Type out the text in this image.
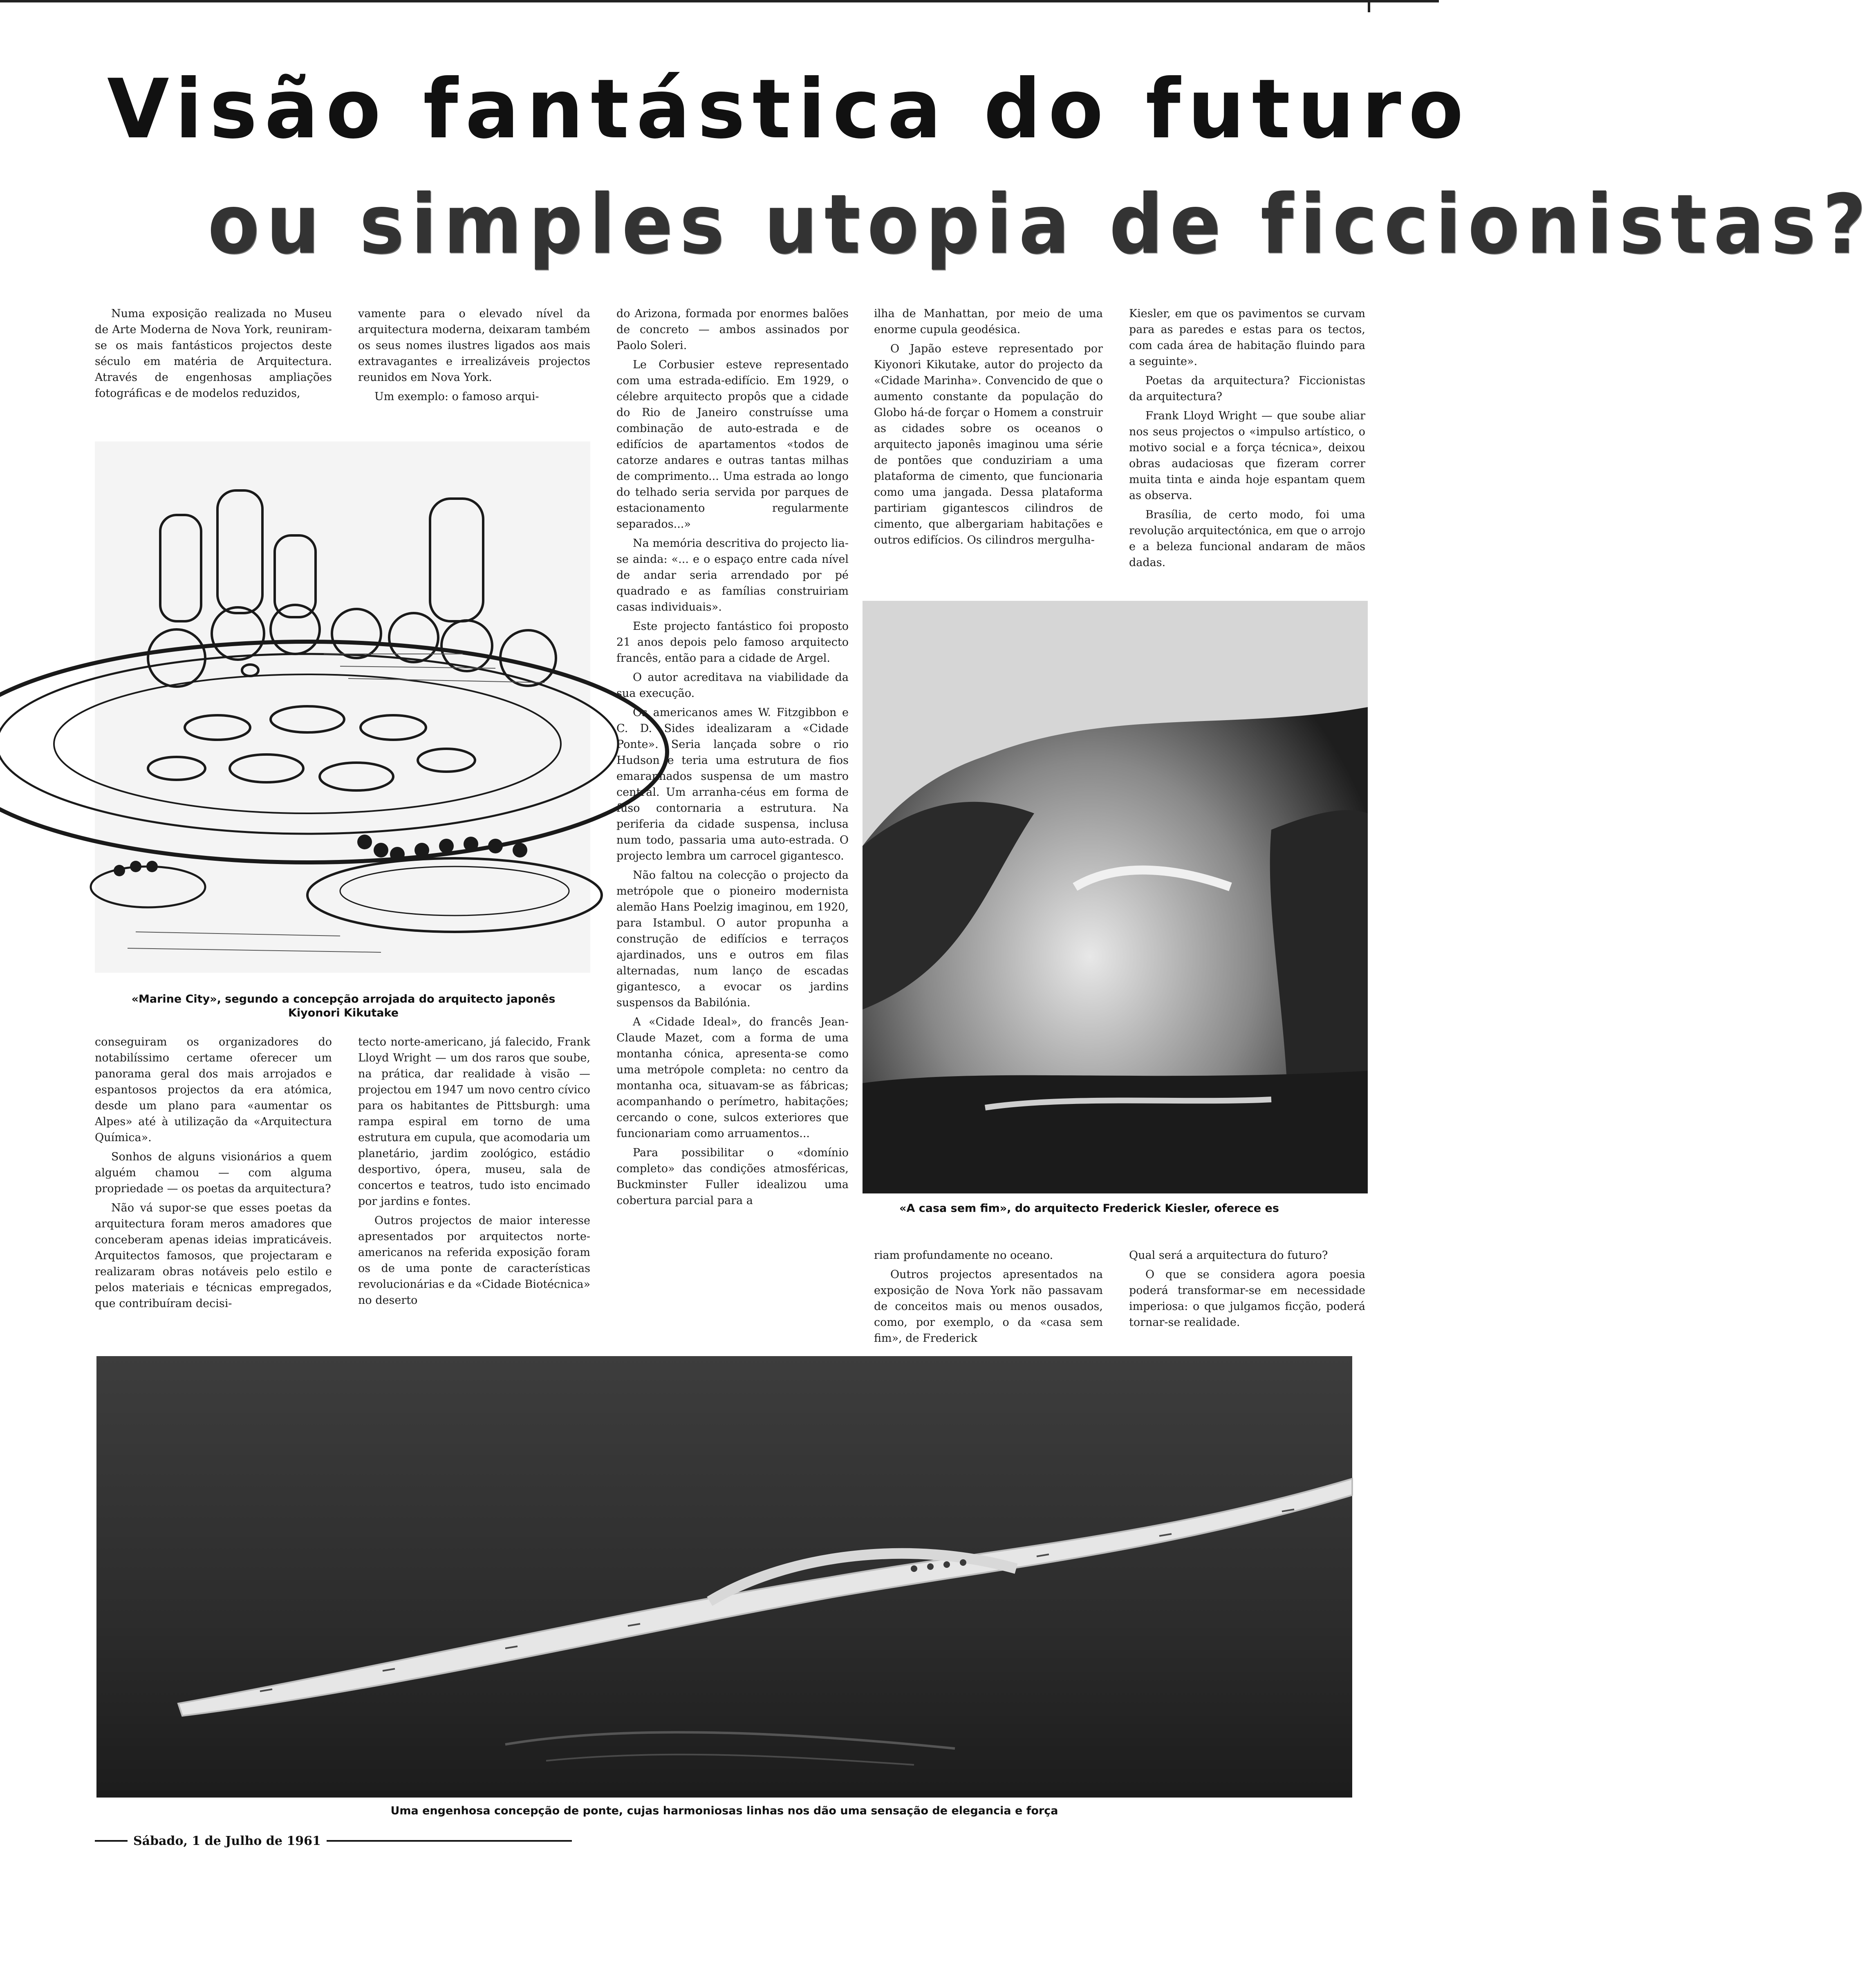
Visão fantástica do futuro
ou simples utopia de ficcionistas?

Numa exposição realizada no Museu de Arte Moderna de Nova York, reuniram-se os mais fantásticos projectos deste século em matéria de Arquitectura. Através de engenhosas ampliações fotográficas e de modelos reduzidos,

vamente para o elevado nível da arquitectura moderna, deixaram também os seus nomes ilustres ligados aos mais extravagantes e irrealizáveis projectos reunidos em Nova York.

Um exemplo: o famoso arqui-

do Arizona, formada por enormes balões de concreto — ambos assinados por Paolo Soleri.

Le Corbusier esteve representado com uma estrada-edifício. Em 1929, o célebre arquitecto propôs que a cidade do Rio de Janeiro construísse uma combinação de auto-estrada e de edifícios de apartamentos «todos de catorze andares e outras tantas milhas de comprimento... Uma estrada ao longo do telhado seria servida por parques de estacionamento regularmente separados...»

Na memória descritiva do projecto lia-se ainda: «... e o espaço entre cada nível de andar seria arrendado por pé quadrado e as famílias construiriam casas individuais».

Este projecto fantástico foi proposto 21 anos depois pelo famoso arquitecto francês, então para a cidade de Argel.

O autor acreditava na viabilidade da sua execução.

Os americanos ames W. Fitzgibbon e C. D. Sides idealizaram a «Cidade Ponte». Seria lançada sobre o rio Hudson e teria uma estrutura de fios emaranhados suspensa de um mastro central. Um arranha-céus em forma de fuso contornaria a estrutura. Na periferia da cidade suspensa, inclusa num todo, passaria uma auto-estrada. O projecto lembra um carrocel gigantesco.

Não faltou na colecção o projecto da metrópole que o pioneiro modernista alemão Hans Poelzig imaginou, em 1920, para Istambul. O autor propunha a construção de edifícios e terraços ajardinados, uns e outros em filas alternadas, num lanço de escadas gigantesco, a evocar os jardins suspensos da Babilónia.

A «Cidade Ideal», do francês Jean-Claude Mazet, com a forma de uma montanha cónica, apresenta-se como uma metrópole completa: no centro da montanha oca, situavam-se as fábricas; acompanhando o perímetro, habitações; cercando o cone, sulcos exteriores que funcionariam como arruamentos...

Para possibilitar o «domínio completo» das condições atmosféricas, Buckminster Fuller idealizou uma cobertura parcial para a

ilha de Manhattan, por meio de uma enorme cupula geodésica.

O Japão esteve representado por Kiyonori Kikutake, autor do projecto da «Cidade Marinha». Convencido de que o aumento constante da população do Globo há-de forçar o Homem a construir as cidades sobre os oceanos o arquitecto japonês imaginou uma série de pontões que conduziriam a uma plataforma de cimento, que funcionaria como uma jangada. Dessa plataforma partiriam gigantescos cilindros de cimento, que albergariam habitações e outros edifícios. Os cilindros mergulha-

Kiesler, em que os pavimentos se curvam para as paredes e estas para os tectos, com cada área de habitação fluindo para a seguinte».

Poetas da arquitectura? Ficcionistas da arquitectura?

Frank Lloyd Wright — que soube aliar nos seus projectos o «impulso artístico, o motivo social e a força técnica», deixou obras audaciosas que fizeram correr muita tinta e ainda hoje espantam quem as observa.

Brasília, de certo modo, foi uma revolução arquitectónica, em que o arrojo e a beleza funcional andaram de mãos dadas.

«Marine City», segundo a concepção arrojada do arquitecto japonês Kiyonori Kikutake
«A casa sem fim», do arquitecto Frederick Kiesler, oferece es

conseguiram os organizadores do notabilíssimo certame oferecer um panorama geral dos mais arrojados e espantosos projectos da era atómica, desde um plano para «aumentar os Alpes» até à utilização da «Arquitectura Química».

Sonhos de alguns visionários a quem alguém chamou — com alguma propriedade — os poetas da arquitectura?

Não vá supor-se que esses poetas da arquitectura foram meros amadores que conceberam apenas ideias impraticáveis. Arquitectos famosos, que projectaram e realizaram obras notáveis pelo estilo e pelos materiais e técnicas empregados, que contribuíram decisi-

tecto norte-americano, já falecido, Frank Lloyd Wright — um dos raros que soube, na prática, dar realidade à visão — projectou em 1947 um novo centro cívico para os habitantes de Pittsburgh: uma rampa espiral em torno de uma estrutura em cupula, que acomodaria um planetário, jardim zoológico, estádio desportivo, ópera, museu, sala de concertos e teatros, tudo isto encimado por jardins e fontes.

Outros projectos de maior interesse apresentados por arquitectos norte-americanos na referida exposição foram os de uma ponte de características revolucionárias e da «Cidade Biotécnica» no deserto

riam profundamente no oceano.

Outros projectos apresentados na exposição de Nova York não passavam de conceitos mais ou menos ousados, como, por exemplo, o da «casa sem fim», de Frederick

Qual será a arquitectura do futuro?

O que se considera agora poesia poderá transformar-se em necessidade imperiosa: o que julgamos ficção, poderá tornar-se realidade.

Uma engenhosa concepção de ponte, cujas harmoniosas linhas nos dão uma sensação de elegancia e força
Sábado, 1 de Julho de 1961
